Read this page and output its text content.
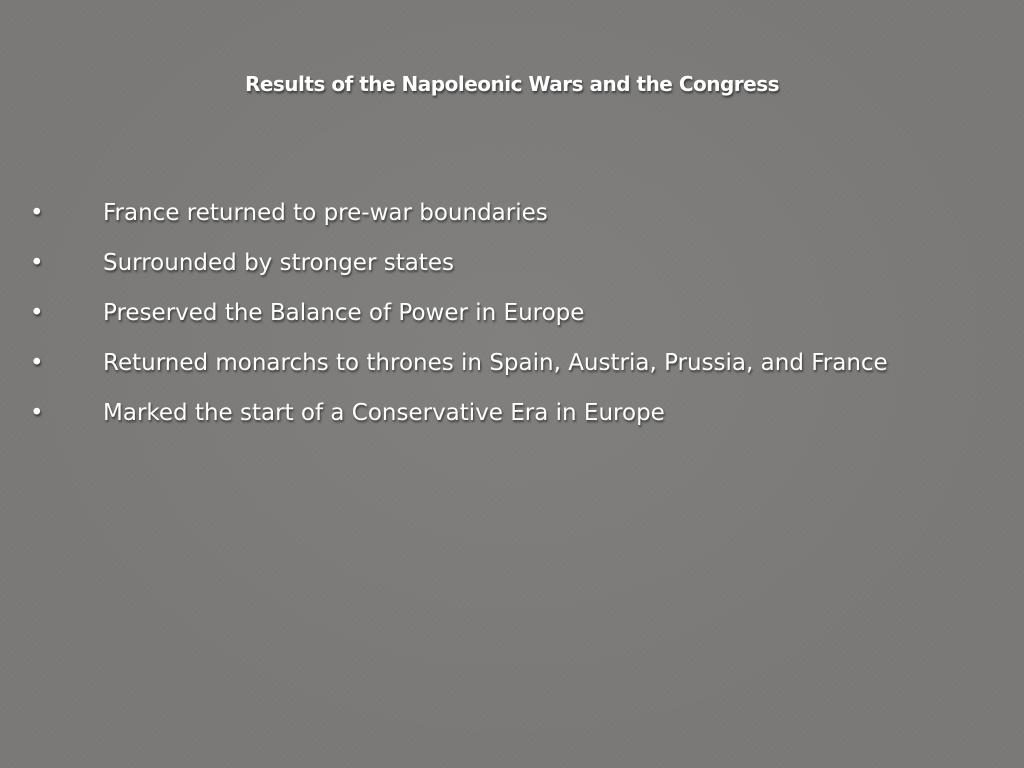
Results of the Napoleonic Wars and the Congress
•	France returned to pre-war boundaries
•	Surrounded by stronger states
•	Preserved the Balance of Power in Europe
•	Returned monarchs to thrones in Spain, Austria, Prussia, and France
•	Marked the start of a Conservative Era in Europe
